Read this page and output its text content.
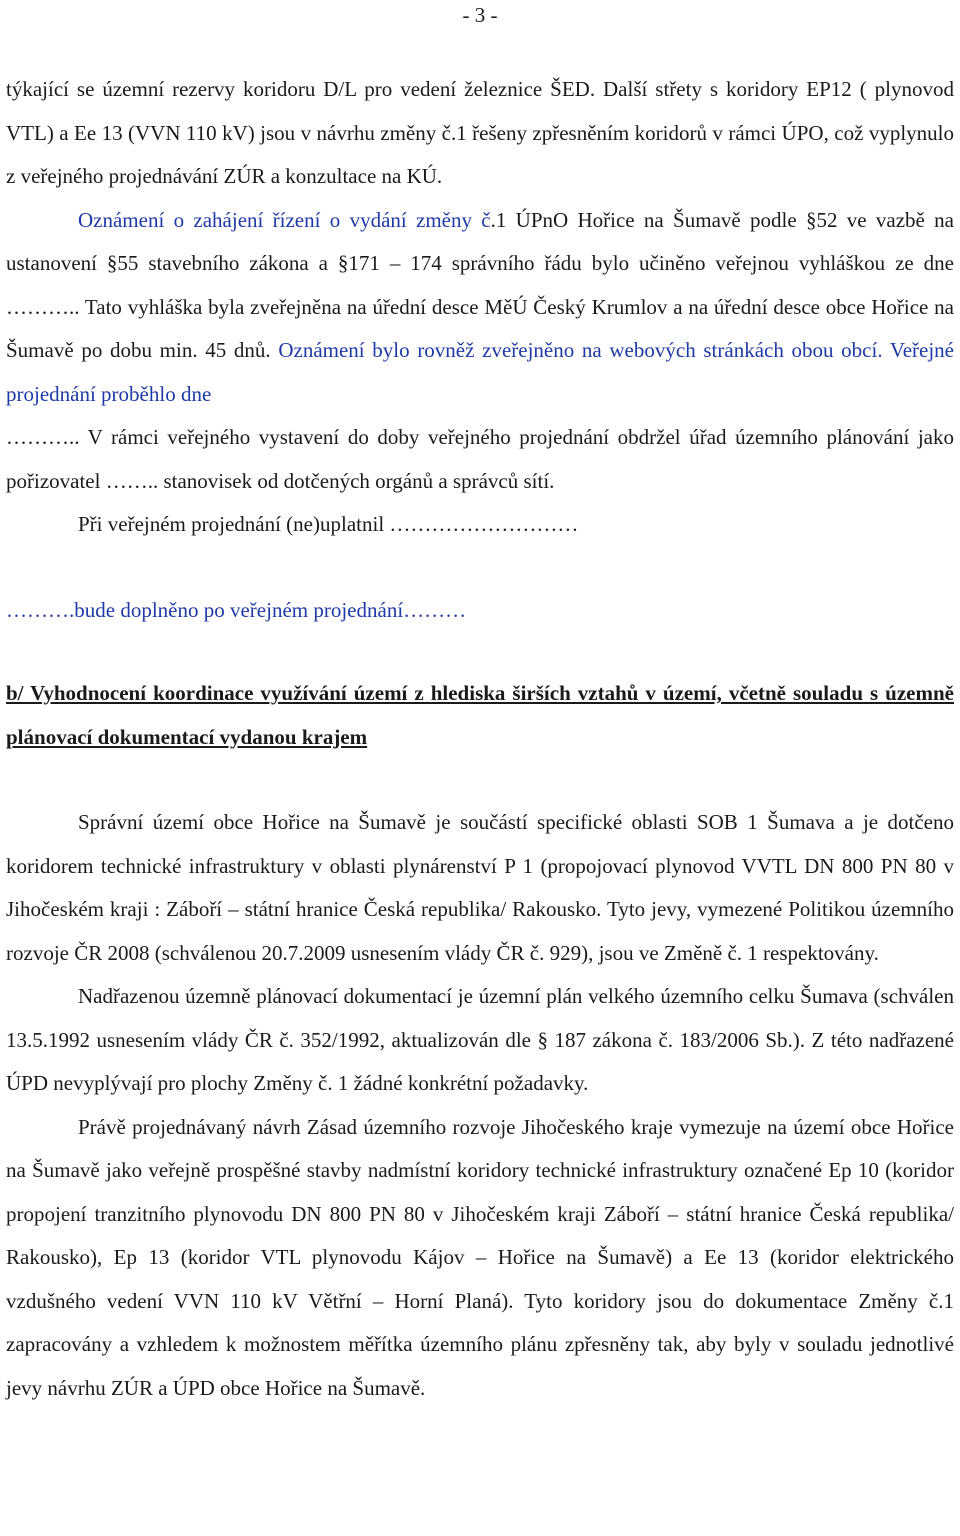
- 3 -

týkající se územní rezervy koridoru D/L pro vedení železnice ŠED. Další střety s koridory EP12 ( plynovod VTL) a Ee 13 (VVN 110 kV) jsou v návrhu změny č.1 řešeny zpřesněním koridorů v rámci ÚPO, což vyplynulo z veřejného projednávání ZÚR a konzultace na KÚ.

Oznámení o zahájení řízení o vydání změny č.1 ÚPnO Hořice na Šumavě podle §52 ve vazbě na ustanovení §55 stavebního zákona a §171 – 174 správního řádu bylo učiněno veřejnou vyhláškou ze dne ……….. Tato vyhláška byla zveřejněna na úřední desce MěÚ Český Krumlov a na úřední desce obce Hořice na Šumavě po dobu min. 45 dnů. Oznámení bylo rovněž zveřejněno na webových stránkách obou obcí. Veřejné projednání proběhlo dne

……….. V rámci veřejného vystavení do doby veřejného projednání obdržel úřad územního plánování jako pořizovatel …….. stanovisek od dotčených orgánů a správců sítí.

Při veřejném projednání (ne)uplatnil ………………………

……….bude doplněno po veřejném projednání………

b/ Vyhodnocení koordinace využívání území z hlediska širších vztahů v území, včetně souladu s územně plánovací dokumentací vydanou krajem

Správní území obce Hořice na Šumavě je součástí specifické oblasti SOB 1 Šumava a je dotčeno koridorem technické infrastruktury v oblasti plynárenství P 1 (propojovací plynovod VVTL DN 800 PN 80 v Jihočeském kraji : Záboří – státní hranice Česká republika/ Rakousko. Tyto jevy, vymezené Politikou územního rozvoje ČR 2008 (schválenou 20.7.2009 usnesením vlády ČR č. 929), jsou ve Změně č. 1 respektovány.

Nadřazenou územně plánovací dokumentací je územní plán velkého územního celku Šumava (schválen 13.5.1992 usnesením vlády ČR č. 352/1992, aktualizován dle § 187 zákona č. 183/2006 Sb.). Z této nadřazené ÚPD nevyplývají pro plochy Změny č. 1 žádné konkrétní požadavky.

Právě projednávaný návrh Zásad územního rozvoje Jihočeského kraje vymezuje na území obce Hořice na Šumavě jako veřejně prospěšné stavby nadmístní koridory technické infrastruktury označené Ep 10 (koridor propojení tranzitního plynovodu DN 800 PN 80 v Jihočeském kraji Záboří – státní hranice Česká republika/ Rakousko), Ep 13 (koridor VTL plynovodu Kájov – Hořice na Šumavě) a Ee 13 (koridor elektrického vzdušného vedení VVN 110 kV Větřní – Horní Planá). Tyto koridory jsou do dokumentace Změny č.1 zapracovány a vzhledem k možnostem měřítka územního plánu zpřesněny tak, aby byly v souladu jednotlivé jevy návrhu ZÚR a ÚPD obce Hořice na Šumavě.
